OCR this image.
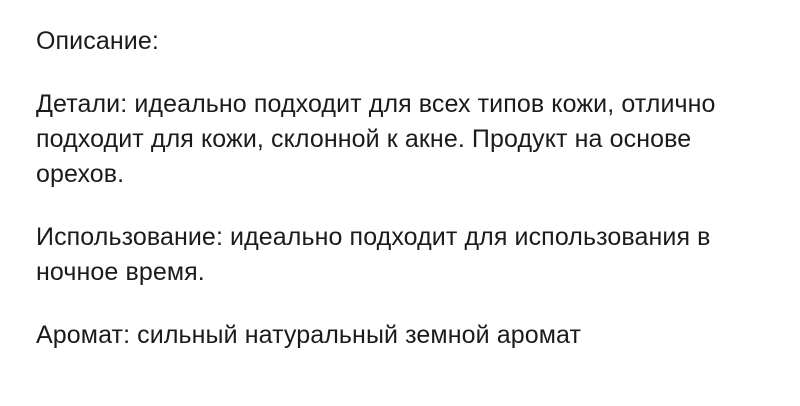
Описание:

Детали: идеально подходит для всех типов кожи, отлично подходит для кожи, склонной к акне. Продукт на основе орехов.

Использование: идеально подходит для использования в ночное время.

Аромат: сильный натуральный земной аромат
